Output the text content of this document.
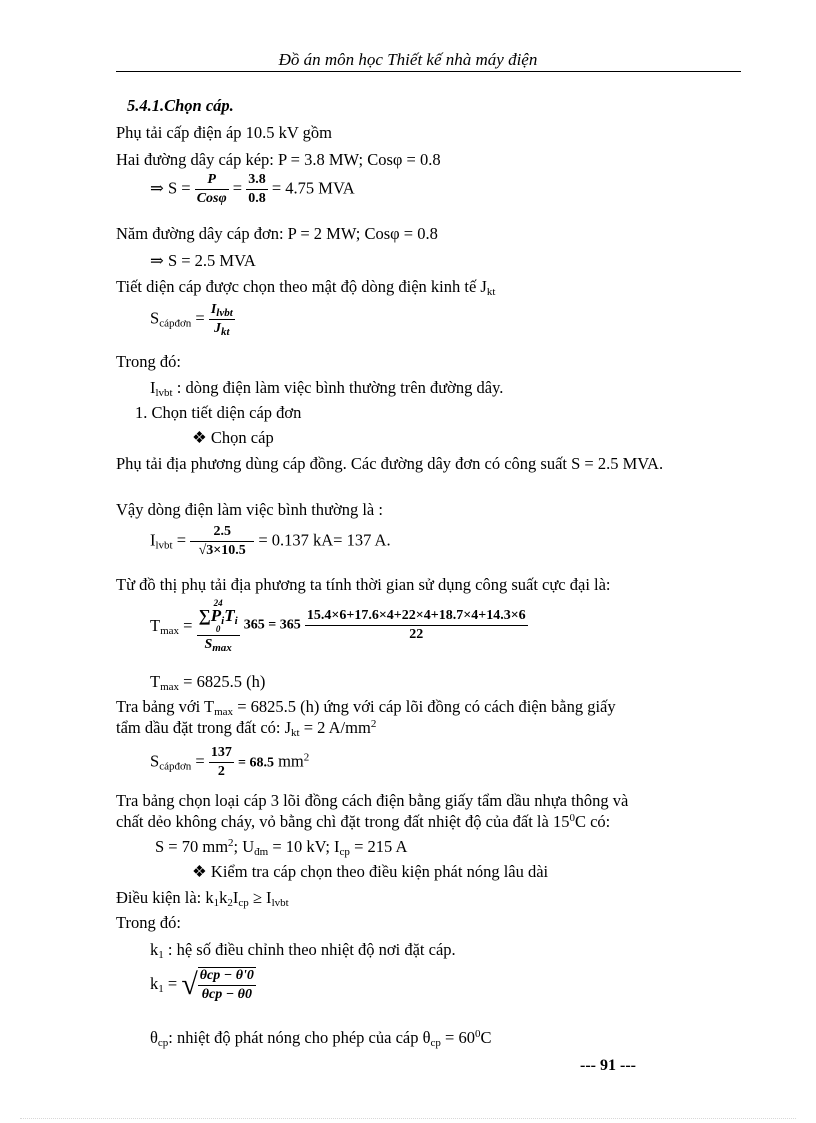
Đồ án môn học Thiết kế nhà máy điện
5.4.1.Chọn cáp.
Phụ tải cấp điện áp 10.5 kV gồm
Hai đường dây cáp kép: P = 3.8 MW; Cosφ = 0.8
⇒ $S = \frac{P}{\text{Cosφ}} = \frac{3.8}{0.8} = 4.75$ MVA
Năm đường dây cáp đơn: P = 2 MW; Cosφ = 0.8
⇒ S = 2.5 MVA
Tiết diện cáp được chọn theo mật độ dòng điện kinh tế $J_{kt}$
$S_{cápđơn} = \frac{I_{lvbt}}{J_{kt}}$
Trong đó:
$I_{lvbt}$ : dòng điện làm việc bình thường trên đường dây.
1. Chọn tiết diện cáp đơn
❖ Chọn cáp
Phụ tải địa phương dùng cáp đồng. Các đường dây đơn có công suất S = 2.5 MVA.
Vậy dòng điện làm việc bình thường là :
$I_{lvbt} = \frac{2.5}{√3\times 10.5} = 0.137$ kA= 137 A.
Từ đồ thị phụ tải địa phương ta tính thời gian sử dụng công suất cực đại là:
$T_{max} = 24$
$\sum P_iT_i$
0
$S_{max}$ $365 = 365 \frac{15.4\times 6+17.6\times 4+22\times 4+18.7\times 4+14.3\times 6}{22}$
$T_{max} = 6825.5$ (h)
Tra bảng với $T_{max} = 6825.5$ (h) ứng với cáp lõi đồng có cách điện bằng giấy
tẩm dầu đặt trong đất có: $J_{kt} = 2$ $A/mm^2$
$S_{cápđơn} = \frac{137}{2} = 68.5$ $mm^2$
Tra bảng chọn loại cáp 3 lõi đồng cách điện bằng giấy tẩm dầu nhựa thông và
chất dẻo không cháy, vỏ bằng chì đặt trong đất nhiệt độ của đất là $15^0C$ có:
S = 70 $mm^2$; $U_{đm} = 10$ kV; $I_{cp} = 215$ A
❖ Kiểm tra cáp chọn theo điều kiện phát nóng lâu dài
Điều kiện là: $k_1k_2I_{cp} \ge I_{lvbt}$
Trong đó:
$k_1$ : hệ số điều chỉnh theo nhiệt độ nơi đặt cáp.
$k_1$ = √ $\frac{\text{θcp − θ'0}}{\text{θcp − θ0}}$
$\theta_{cp}$: nhiệt độ phát nóng cho phép của cáp $\theta_{cp} = 60^0C$
--- 91 ---
